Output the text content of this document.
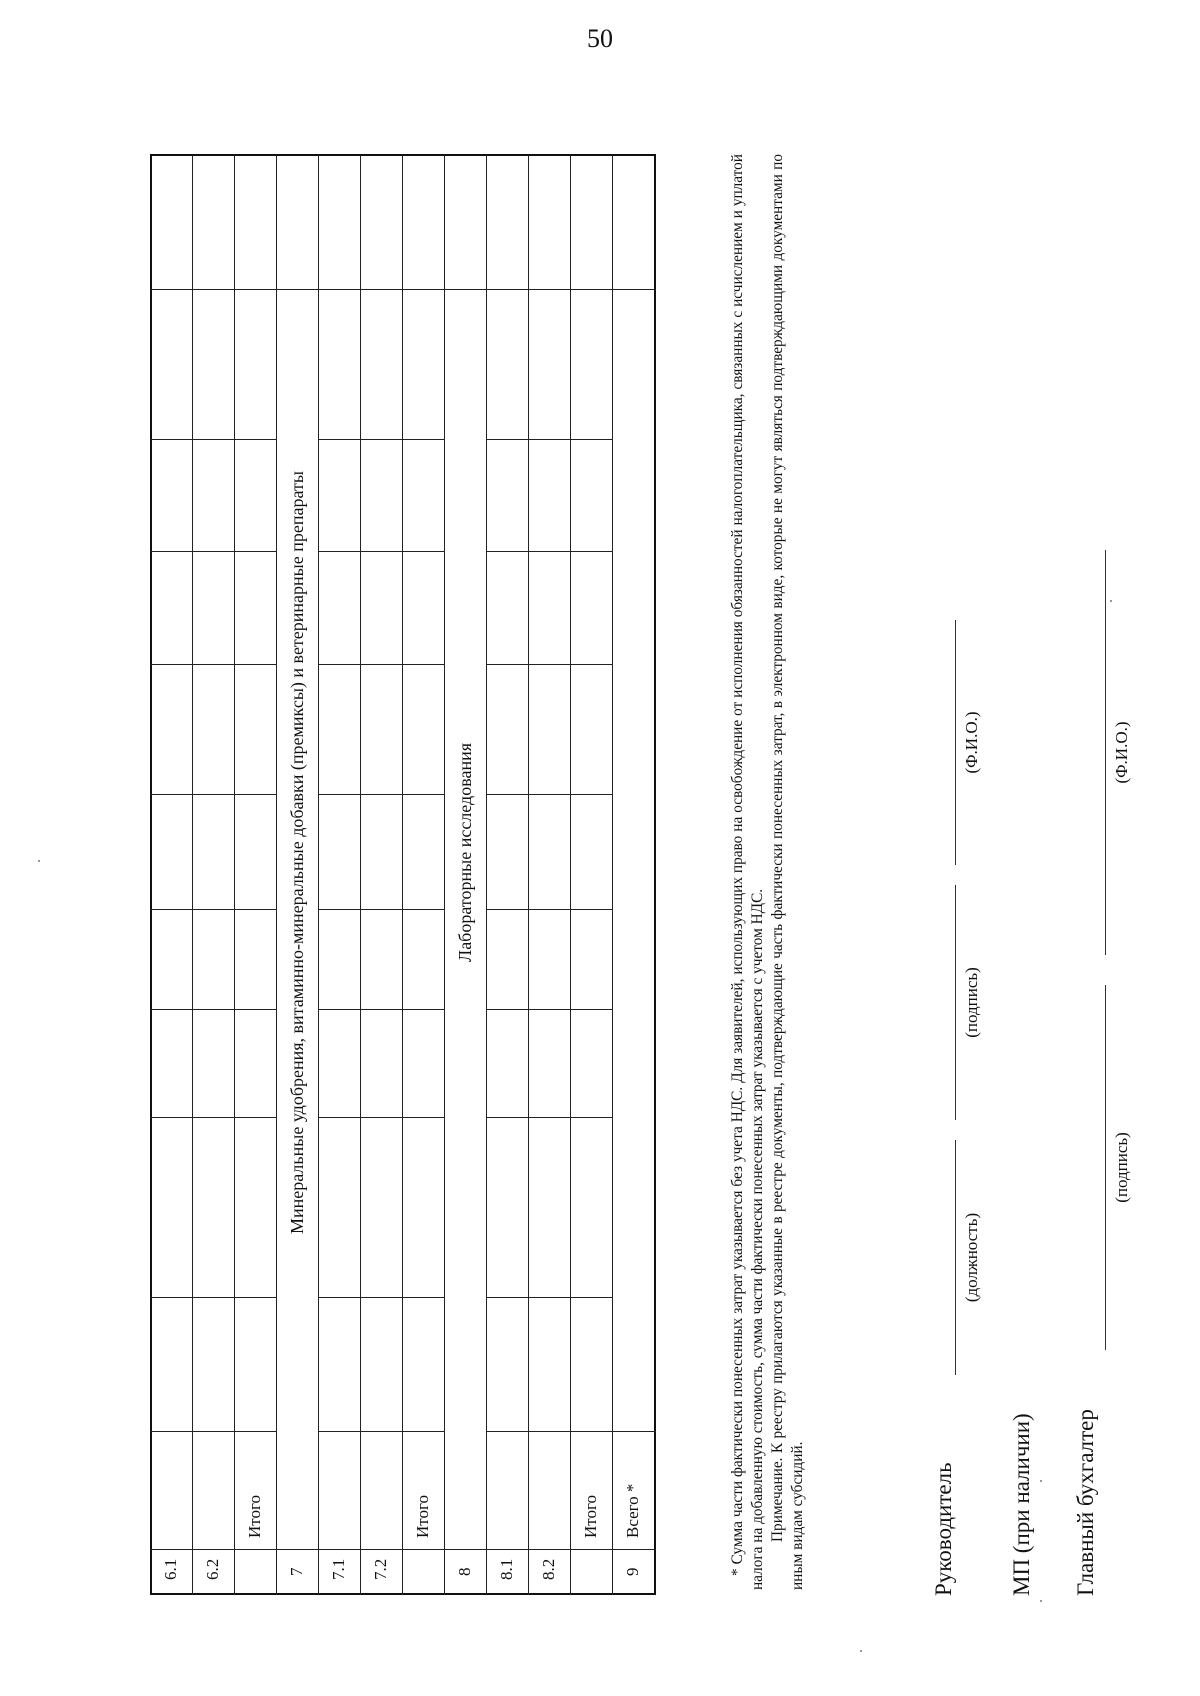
50
6.1 6.2
Итого
7
Минеральные удобрения, витаминно-минеральные добавки (премиксы) и ветеринарные препараты
7.1 7.2
Итого
8
Лабораторные исследования
8.1 8.2
Итого
9
Всего *	* Сумма части фактически понесенных затрат указывается без учета НДС. Для заявителей, использующих право на освобождение от исполнения обязанностей налогоплательщика, связанных с исчислением и уплатой налога на добавленную стоимость, сумма части фактически понесенных затрат указывается с учетом НДС. Примечание. К реестру прилагаются указанные в реестре документы, подтверждающие часть фактически понесенных затрат, в электронном виде, которые не могут являться подтверждающими документами по иным видам субсидий.	Руководитель
(должность)
(подпись)
(Ф.И.О.)
МП (при наличии) Главный бухгалтер
(подпись)
(Ф.И.О.)
